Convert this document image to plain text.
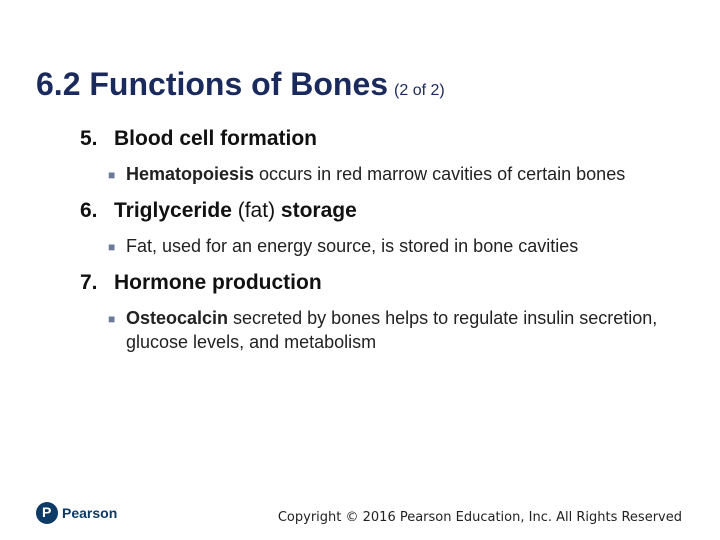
6.2 Functions of Bones (2 of 2)
5. Blood cell formation
■ Hematopoiesis occurs in red marrow cavities of certain bones
6. Triglyceride (fat) storage
■ Fat, used for an energy source, is stored in bone cavities
7. Hormone production
■ Osteocalcin secreted by bones helps to regulate insulin secretion, glucose levels, and metabolism
P
Pearson	Copyright © 2016 Pearson Education, Inc. All Rights Reserved
